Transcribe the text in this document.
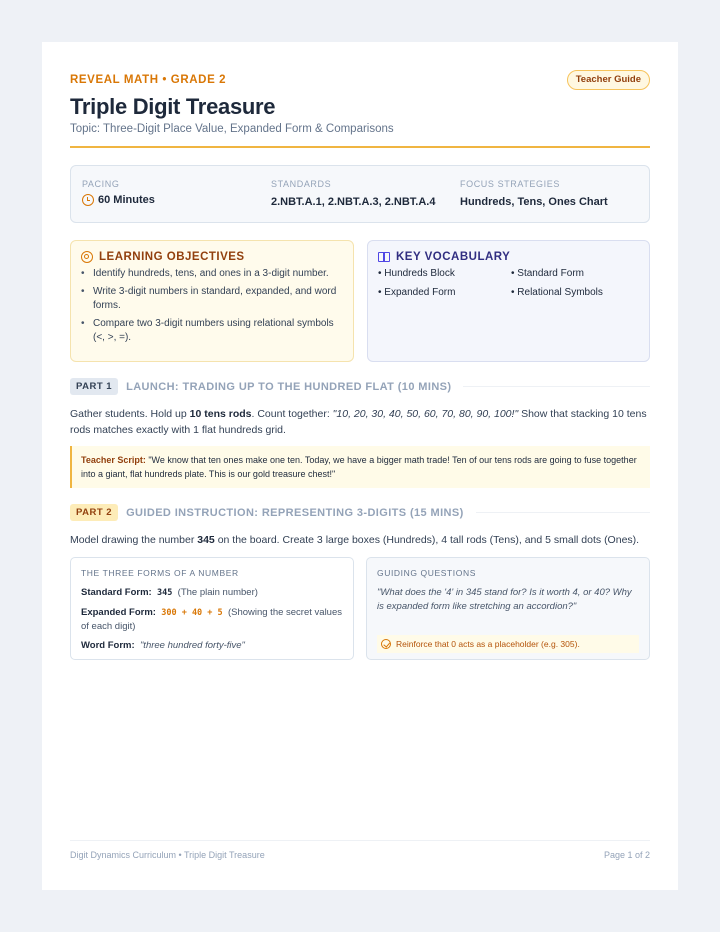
REVEAL MATH • GRADE 2	Teacher Guide
Triple Digit Treasure
Topic: Three-Digit Place Value, Expanded Form & Comparisons
PACING
60 Minutes
STANDARDS
2.NBT.A.1, 2.NBT.A.3, 2.NBT.A.4
FOCUS STRATEGIES
Hundreds, Tens, Ones Chart
LEARNING OBJECTIVES
• Identify hundreds, tens, and ones in a 3-digit number.
• Write 3-digit numbers in standard, expanded, and word forms.
• Compare two 3-digit numbers using relational symbols (<, >, =).
KEY VOCABULARY
• Hundreds Block	• Standard Form
• Expanded Form	• Relational Symbols
PART 1	LAUNCH: TRADING UP TO THE HUNDRED FLAT (10 MINS)
Gather students. Hold up 10 tens rods. Count together: "10, 20, 30, 40, 50, 60, 70, 80, 90, 100!" Show that stacking 10 tens rods matches exactly with 1 flat hundreds grid.
Teacher Script: "We know that ten ones make one ten. Today, we have a bigger math trade! Ten of our tens rods are going to fuse together into a giant, flat hundreds plate. This is our gold treasure chest!"
PART 2	GUIDED INSTRUCTION: REPRESENTING 3-DIGITS (15 MINS)
Model drawing the number 345 on the board. Create 3 large boxes (Hundreds), 4 tall rods (Tens), and 5 small dots (Ones).
THE THREE FORMS OF A NUMBER
Standard Form: 345 (The plain number)
Expanded Form: 300 + 40 + 5 (Showing the secret values of each digit)
Word Form: "three hundred forty-five"
GUIDING QUESTIONS
"What does the '4' in 345 stand for? Is it worth 4, or 40? Why is expanded form like stretching an accordion?"
Reinforce that 0 acts as a placeholder (e.g. 305).
Digit Dynamics Curriculum • Triple Digit Treasure	Page 1 of 2
